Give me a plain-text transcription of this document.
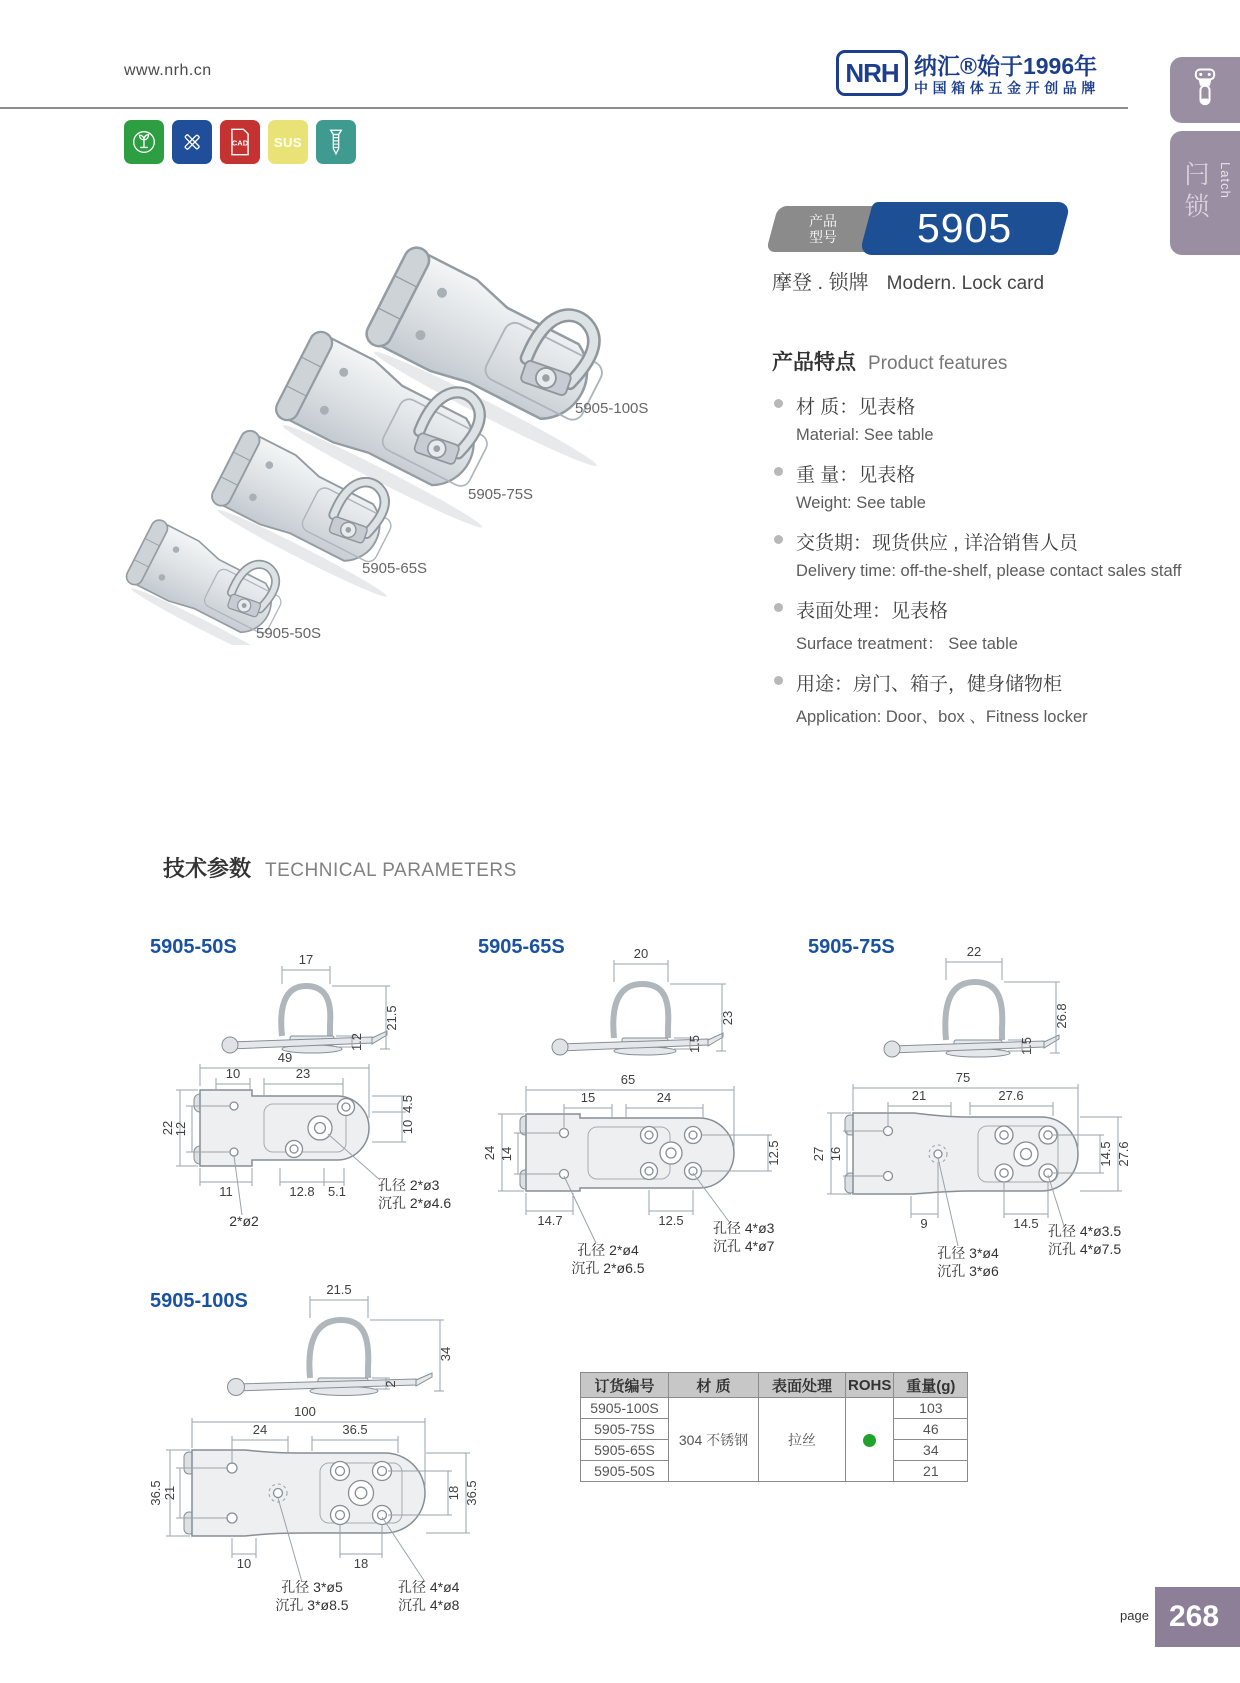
www.nrh.cn	NRH 纳汇®始于1996年
中国箱体五金开创品牌
CAD SUS
闩锁 Latch
产品
型号 5905
摩登 . 锁牌 Modern. Lock card
产品特点 Product features
材 质：见表格
Material: See table
重 量：见表格
Weight: See table
交货期：现货供应 , 详洽销售人员
Delivery time: off-the-shelf, please contact sales staff
表面处理：见表格
Surface treatment： See table
用途：房门、箱子，健身储物柜
Application: Door、box 、Fitness locker
5905-100S
5905-75S
5905-65S
5905-50S
技术参数 TECHNICAL PARAMETERS
5905-50S
17
1.2
21.5
49
10	23
22
12
4.5
10
11	12.8 5.1 孔径 2*ø3
沉孔 2*ø4.6
2*ø2
5905-65S	20
1.5
23
65
15	24
24 14	12.5
14.7	12.5 孔径 4*ø3
沉孔 4*ø7
孔径 2*ø4
沉孔 2*ø6.5
5905-75S	22
1.5
26.8
75
21	27.6
27 16	14.5 27.6
9	14.5 孔径 4*ø3.5
沉孔 4*ø7.5
孔径 3*ø4
沉孔 3*ø6
5905-100S
21.5
2
34
100
24	36.5
36.5 21	18 36.5
10	18
孔径 3*ø5
沉孔 3*ø8.5
孔径 4*ø4
沉孔 4*ø8
订货编号	材 质	表面处理	ROHS	重量(g)
5905-100S	304 不锈钢	拉丝		103
5905-75S				46
5905-65S				34
5905-50S				21
page 268
